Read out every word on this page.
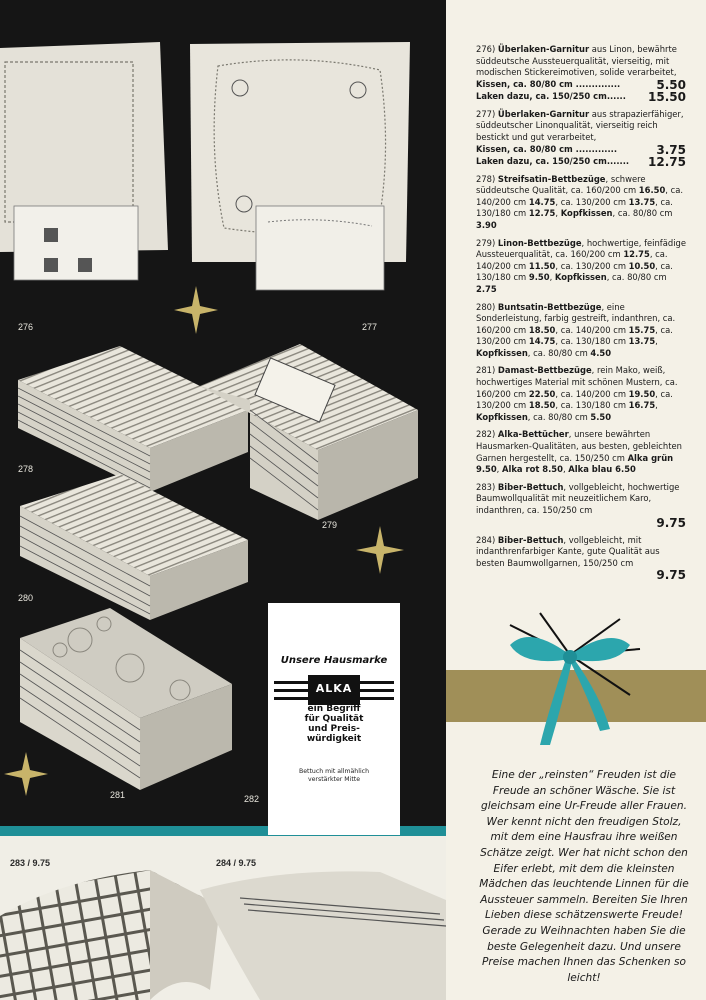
276	277
278
279
280
281	282
283 / 9.75	284 / 9.75
Unsere Hausmarke
ALKA
ein Begriff
für Qualität
und Preis-
würdigkeit
Bettuch mit allmählich
verstärkter Mitte
276) Überlaken-Garnitur aus Linon, bewährte süddeutsche Aussteuerqualität, vierseitig, mit modischen Stickereimotiven, solide verarbeitet,
Kissen, ca. 80/80 cm ..............	5.50
Laken dazu, ca. 150/250 cm...... 15.50
277) Überlaken-Garnitur aus strapazierfähiger, süddeutscher Linonqualität, vierseitig reich bestickt und gut verarbeitet,
Kissen, ca. 80/80 cm .............	3.75
Laken dazu, ca. 150/250 cm....... 12.75
278) Streifsatin-Bettbezüge, schwere süddeutsche Qualität, ca. 160/200 cm 16.50, ca. 140/200 cm 14.75, ca. 130/200 cm 13.75, ca. 130/180 cm 12.75, Kopfkissen, ca. 80/80 cm 3.90
279) Linon-Bettbezüge, hochwertige, feinfädige Aussteuerqualität, ca. 160/200 cm 12.75, ca. 140/200 cm 11.50, ca. 130/200 cm 10.50, ca. 130/180 cm 9.50, Kopfkissen, ca. 80/80 cm 2.75
280) Buntsatin-Bettbezüge, eine Sonderleistung, farbig gestreift, indanthren, ca. 160/200 cm 18.50, ca. 140/200 cm 15.75, ca. 130/200 cm 14.75, ca. 130/180 cm 13.75, Kopfkissen, ca. 80/80 cm 4.50
281) Damast-Bettbezüge, rein Mako, weiß, hochwertiges Material mit schönen Mustern, ca. 160/200 cm 22.50, ca. 140/200 cm 19.50, ca. 130/200 cm 18.50, ca. 130/180 cm 16.75, Kopfkissen, ca. 80/80 cm 5.50
282) Alka-Bettücher, unsere bewährten Hausmarken-Qualitäten, aus besten, gebleichten Garnen hergestellt, ca. 150/250 cm Alka grün 9.50, Alka rot 8.50, Alka blau 6.50
283) Biber-Bettuch, vollgebleicht, hochwertige Baumwollqualität mit neuzeitlichem Karo, indanthren, ca. 150/250 cm
9.75
284) Biber-Bettuch, vollgebleicht, mit indanthrenfarbiger Kante, gute Qualität aus besten Baumwollgarnen, 150/250 cm
9.75
Eine der „reinsten“ Freuden ist die Freude an schöner Wäsche. Sie ist gleichsam eine Ur-Freude aller Frauen. Wer kennt nicht den freudigen Stolz, mit dem eine Hausfrau ihre weißen Schätze zeigt. Wer hat nicht schon den Eifer erlebt, mit dem die kleinsten Mädchen das leuchtende Linnen für die Aussteuer sammeln. Bereiten Sie Ihren Lieben diese schätzenswerte Freude! Gerade zu Weihnachten haben Sie die beste Gelegenheit dazu. Und unsere Preise machen Ihnen das Schenken so leicht!
